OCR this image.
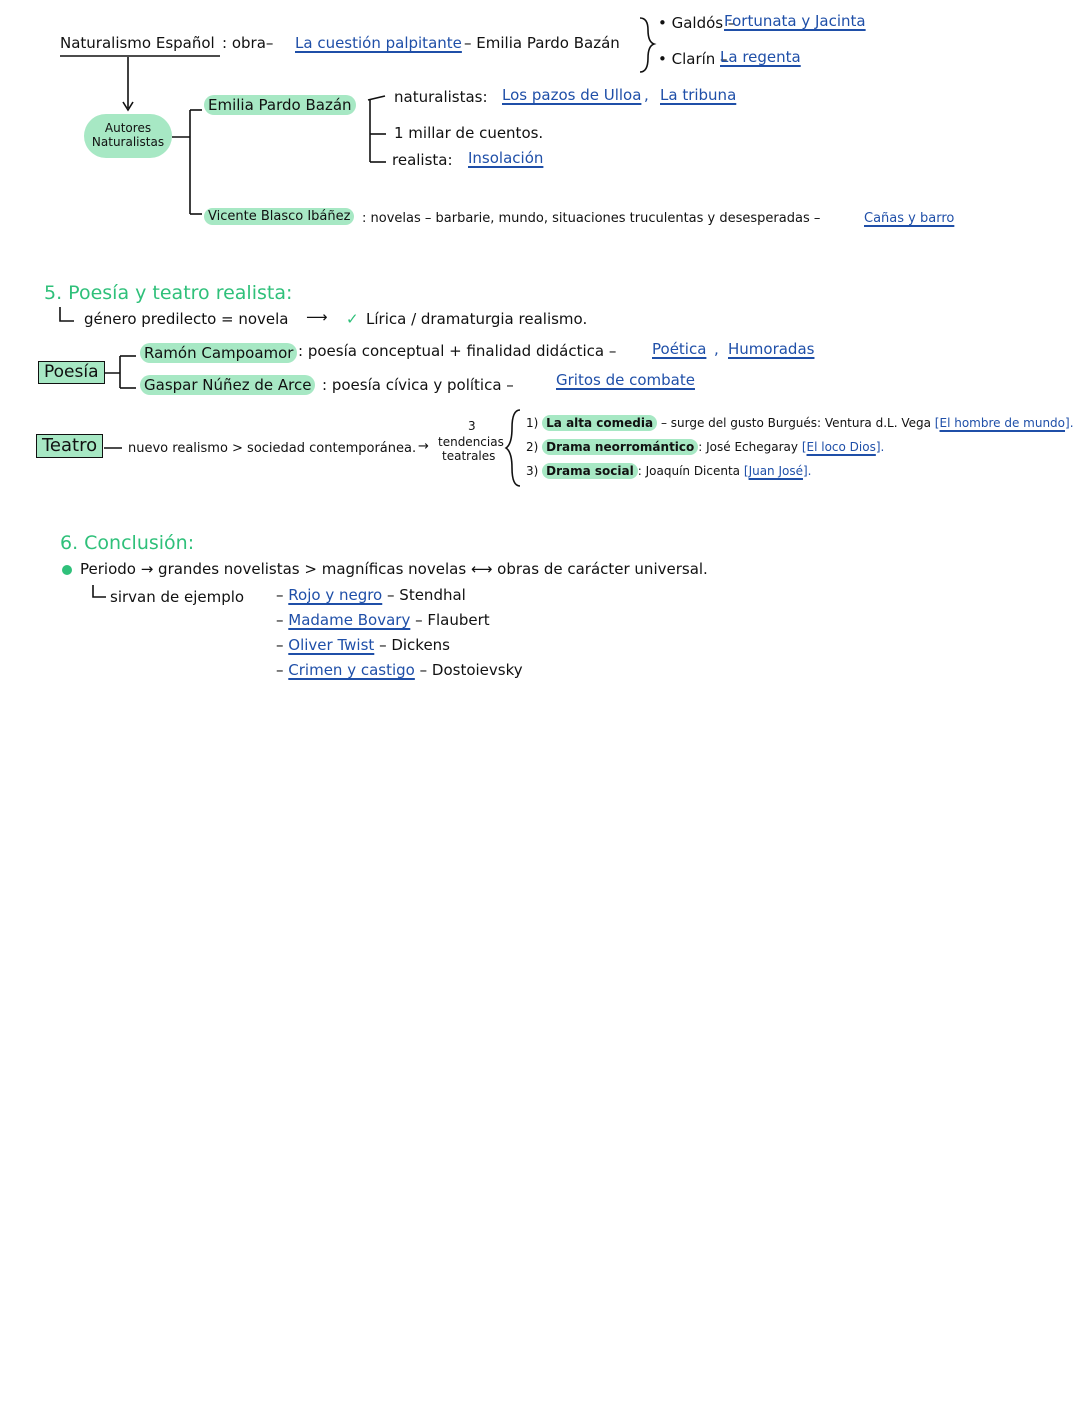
Naturalismo Español : obra– La cuestión palpitante – Emilia Pardo Bazán
• Galdós –
Fortunata y Jacinta
• Clarín –
La regenta
Autores Naturalistas
Emilia Pardo Bazán	naturalistas: Los pazos de Ulloa , La tribuna
1 millar de cuentos.
realista: Insolación
Vicente Blasco Ibáñez : novelas – barbarie, mundo, situaciones truculentas y desesperadas –	Cañas y barro
5. Poesía y teatro realista:
género predilecto = novela ⟶ ✓ Lírica / dramaturgia realismo.
Poesía
Ramón Campoamor : poesía conceptual + finalidad didáctica – Poética , Humoradas
Gaspar Núñez de Arce : poesía cívica y política –	Gritos de combate
Teatro	nuevo realismo > sociedad contemporánea. →
3
tendencias
teatrales
1) La alta comedia – surge del gusto Burgués: Ventura d.L. Vega [El hombre de mundo].
2) Drama neorromántico : José Echegaray [El loco Dios].
3) Drama social : Joaquín Dicenta [Juan José].
6. Conclusión:
Periodo → grandes novelistas > magníficas novelas ⟷ obras de carácter universal.
sirvan de ejemplo – Rojo y negro – Stendhal
– Madame Bovary – Flaubert
– Oliver Twist – Dickens
– Crimen y castigo – Dostoievsky
